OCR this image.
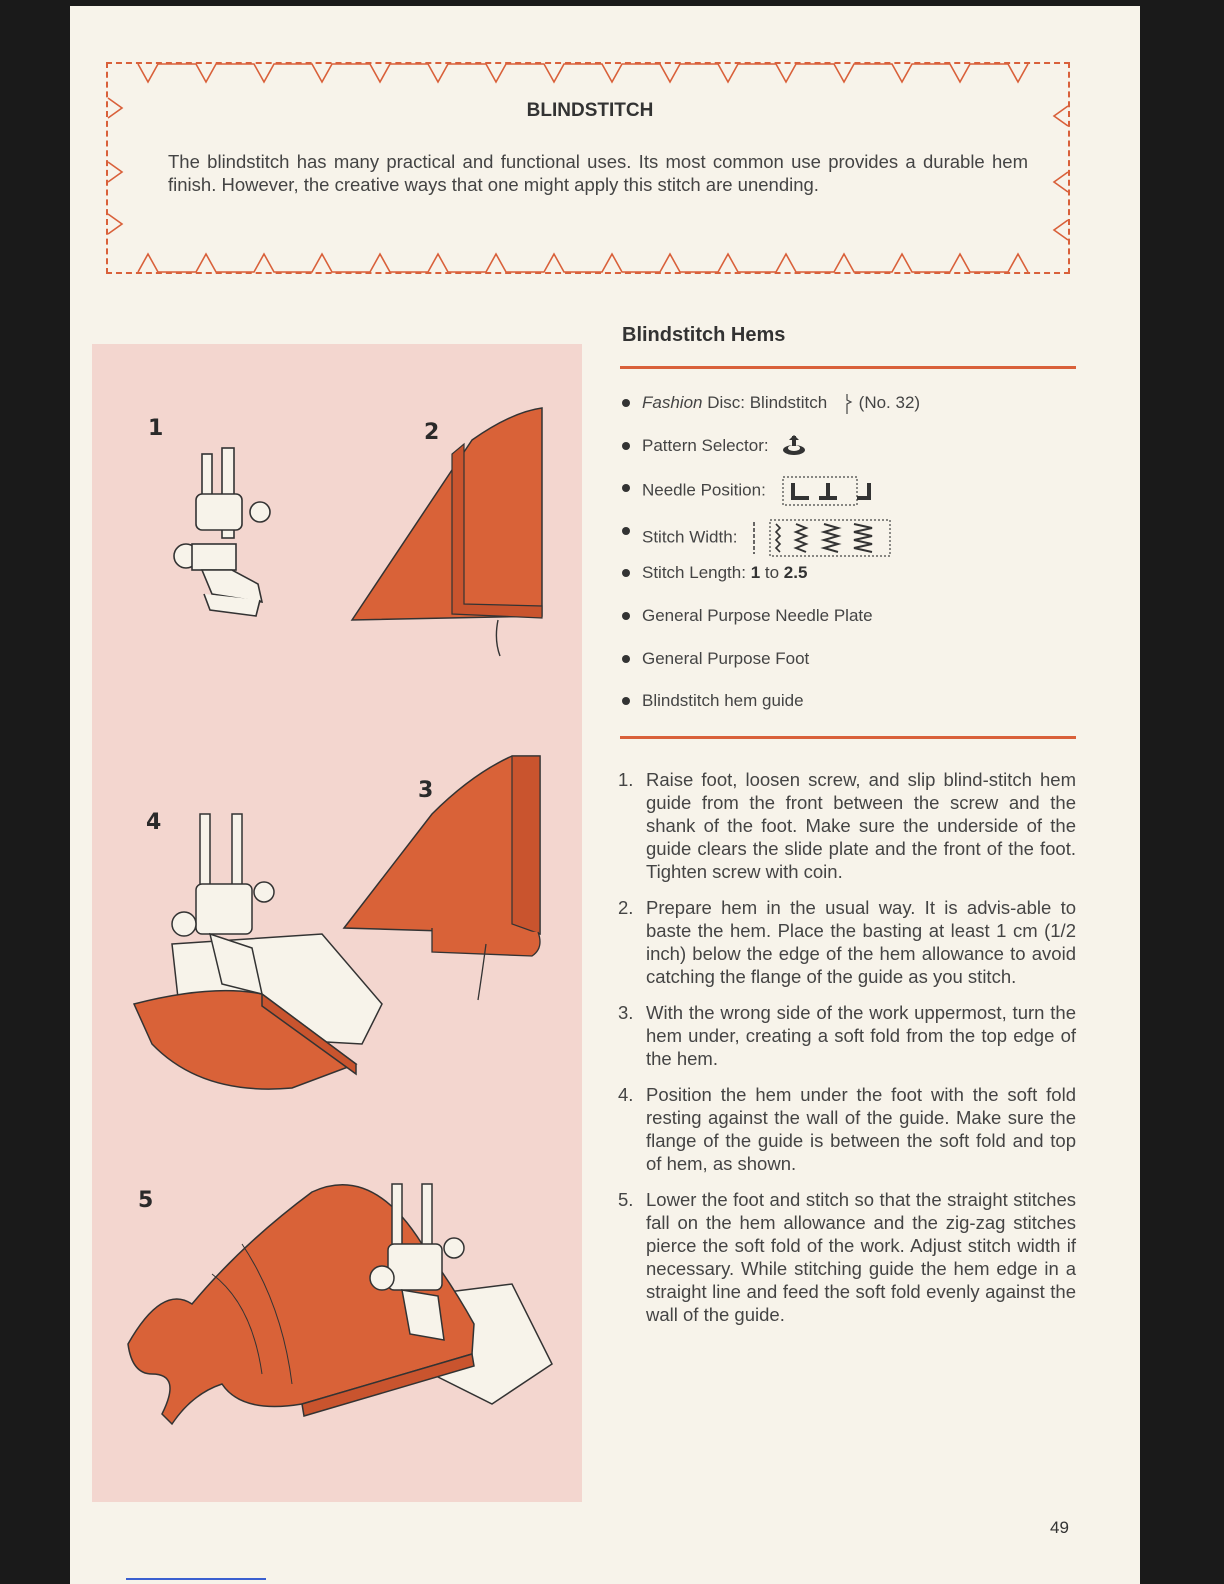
BLINDSTITCH
The blindstitch has many practical and functional uses. Its most common use provides a durable hem finish. However, the creative ways that one might apply this stitch are unending.
1	2
3
4
5
Blindstitch Hems
Fashion Disc: Blindstitch (No. 32)
Pattern Selector:
Needle Position:
Stitch Width:
Stitch Length: 1 to 2.5
General Purpose Needle Plate
General Purpose Foot
Blindstitch hem guide
1. Raise foot, loosen screw, and slip blind-stitch hem guide from the front between the screw and the shank of the foot. Make sure the underside of the guide clears the slide plate and the front of the foot. Tighten screw with coin.
2. Prepare hem in the usual way. It is advis-able to baste the hem. Place the basting at least 1 cm (1/2 inch) below the edge of the hem allowance to avoid catching the flange of the guide as you stitch.
3. With the wrong side of the work uppermost, turn the hem under, creating a soft fold from the top edge of the hem.
4. Position the hem under the foot with the soft fold resting against the wall of the guide. Make sure the flange of the guide is between the soft fold and top of hem, as shown.
5. Lower the foot and stitch so that the straight stitches fall on the hem allowance and the zig-zag stitches pierce the soft fold of the work. Adjust stitch width if necessary. While stitching guide the hem edge in a straight line and feed the soft fold evenly against the wall of the guide.
49
